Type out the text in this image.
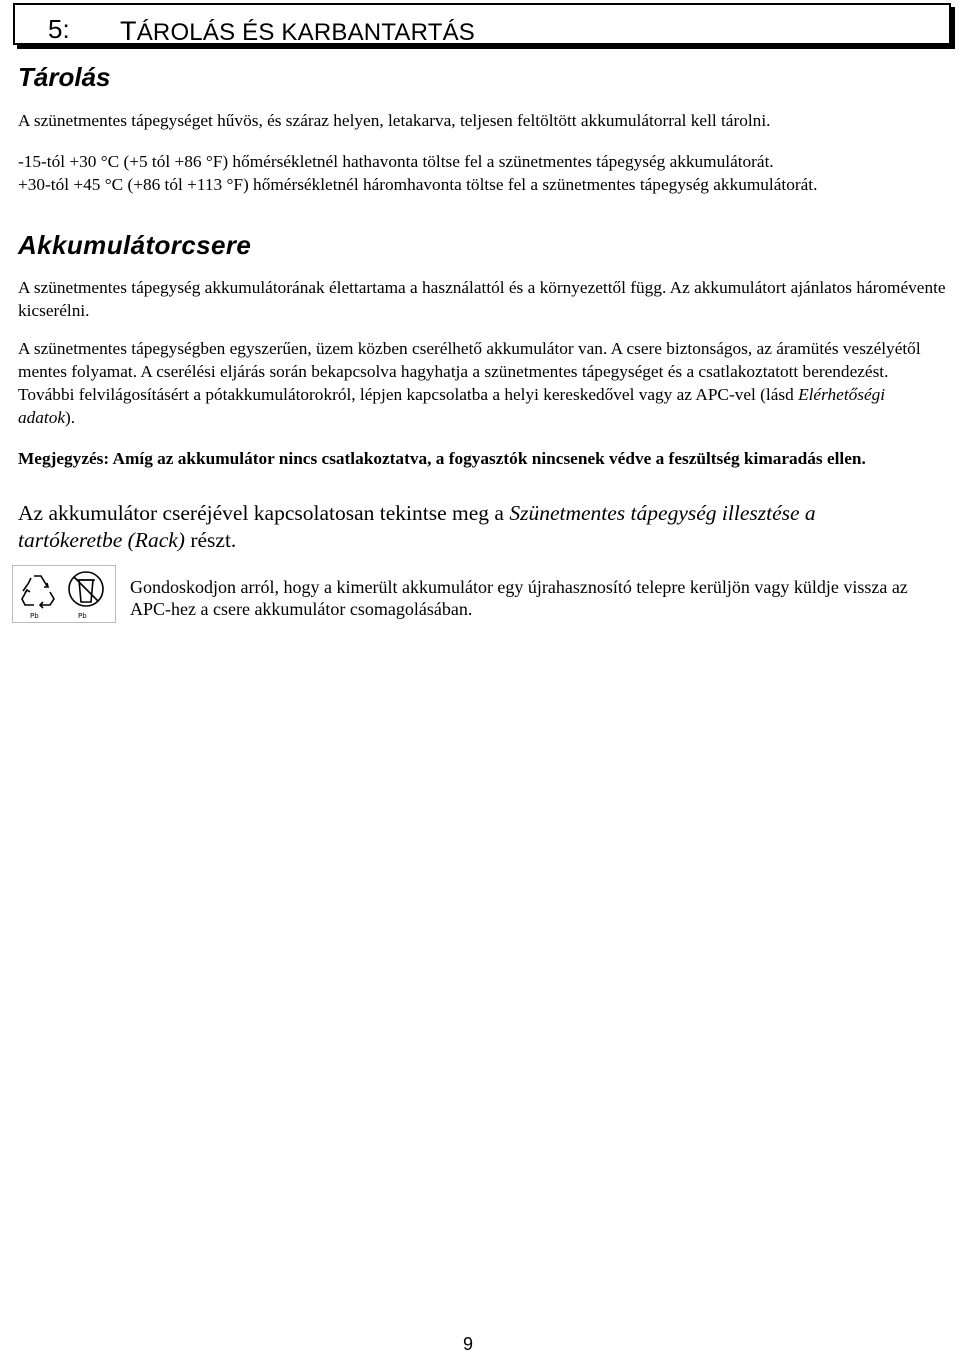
5: TÁROLÁS ÉS KARBANTARTÁS
Tárolás
A szünetmentes tápegységet hűvös, és száraz helyen, letakarva, teljesen feltöltött akkumulátorral kell tárolni.
-15-tól +30 °C (+5 tól +86 °F) hőmérsékletnél hathavonta töltse fel a szünetmentes tápegység akkumulátorát.
+30-tól +45 °C (+86 tól +113 °F) hőmérsékletnél háromhavonta töltse fel a szünetmentes tápegység akkumulátorát.
Akkumulátorcsere
A szünetmentes tápegység akkumulátorának élettartama a használattól és a környezettől függ. Az akkumulátort ajánlatos háromévente kicserélni.
A szünetmentes tápegységben egyszerűen, üzem közben cserélhető akkumulátor van. A csere biztonságos, az áramütés veszélyétől mentes folyamat. A cserélési eljárás során bekapcsolva hagyhatja a szünetmentes tápegységet és a csatlakoztatott berendezést. További felvilágosításért a pótakkumulátorokról, lépjen kapcsolatba a helyi kereskedővel vagy az APC-vel (lásd Elérhetőségi adatok).
Megjegyzés: Amíg az akkumulátor nincs csatlakoztatva, a fogyasztók nincsenek védve a feszültség kimaradás ellen.
Az akkumulátor cseréjével kapcsolatosan tekintse meg a Szünetmentes tápegység illesztése a tartókeretbe (Rack) részt.
Pb	Pb
Gondoskodjon arról, hogy a kimerült akkumulátor egy újrahasznosító telepre kerüljön vagy küldje vissza az APC-hez a csere akkumulátor csomagolásában.
9
